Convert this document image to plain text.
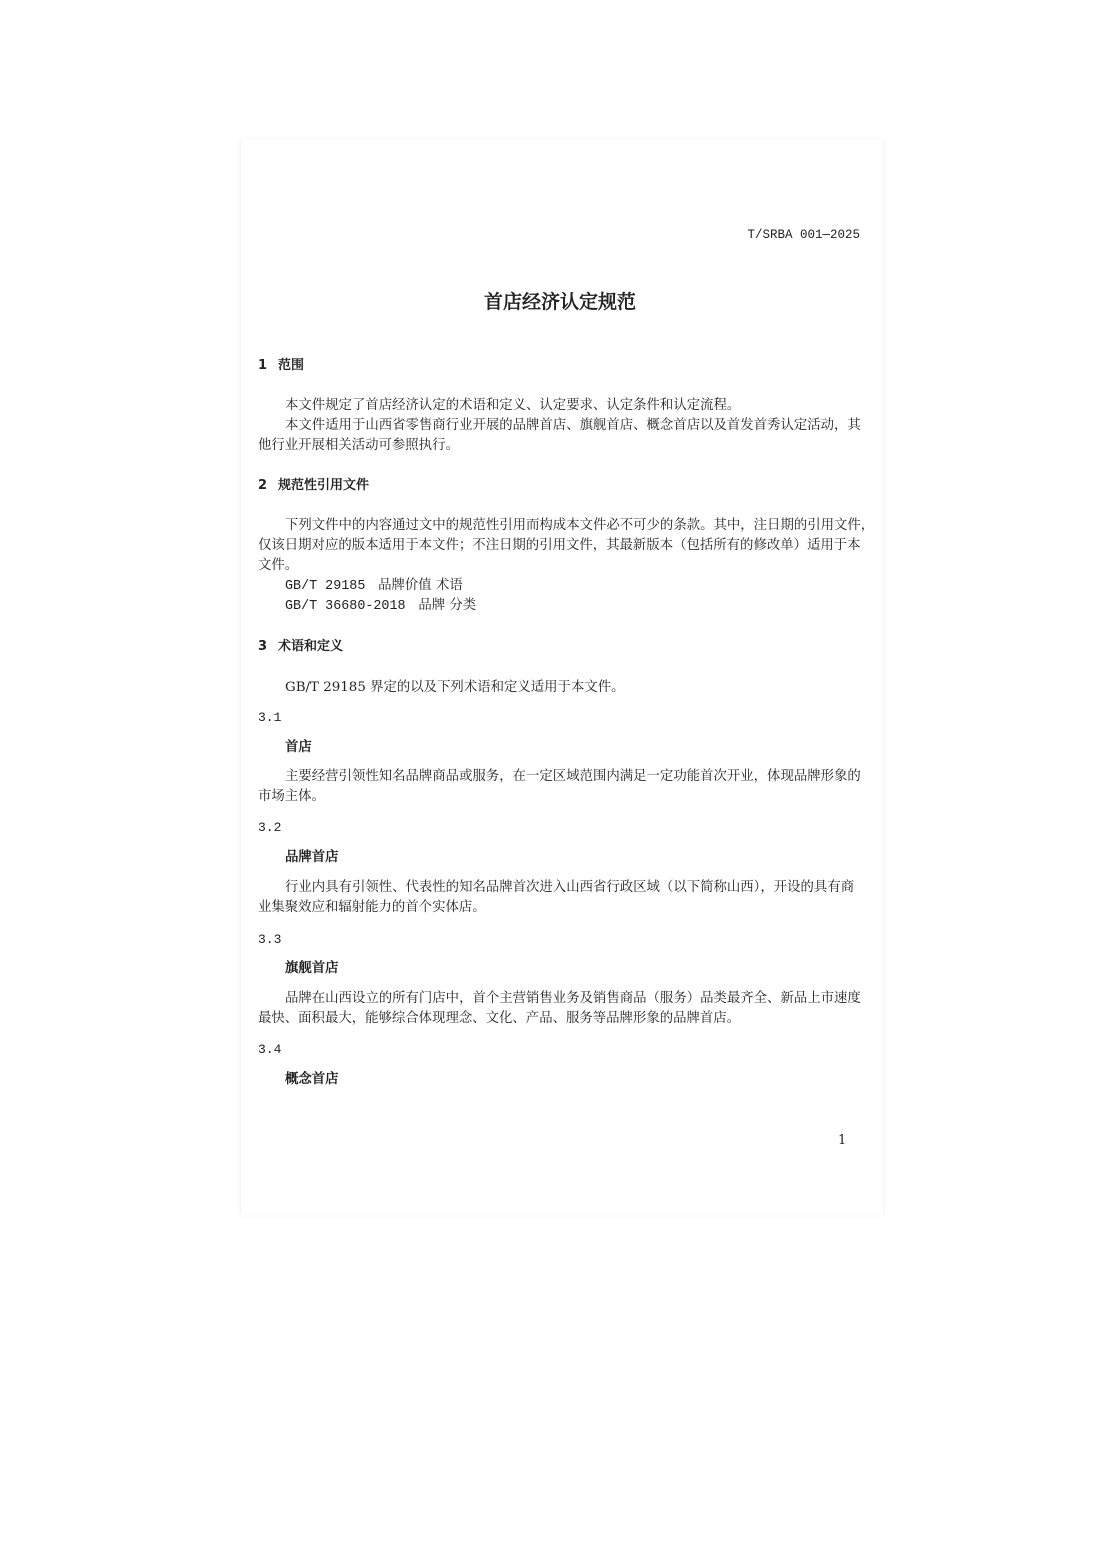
T/SRBA 001—2025
首店经济认定规范
1 范围
本文件规定了首店经济认定的术语和定义、认定要求、认定条件和认定流程。
本文件适用于山西省零售商行业开展的品牌首店、旗舰首店、概念首店以及首发首秀认定活动，其
他行业开展相关活动可参照执行。
2 规范性引用文件
下列文件中的内容通过文中的规范性引用而构成本文件必不可少的条款。其中，注日期的引用文件，
仅该日期对应的版本适用于本文件；不注日期的引用文件，其最新版本（包括所有的修改单）适用于本
文件。
GB/T 29185 品牌价值 术语
GB/T 36680-2018 品牌 分类
3 术语和定义
GB/T 29185 界定的以及下列术语和定义适用于本文件。
3.1
首店
主要经营引领性知名品牌商品或服务，在一定区域范围内满足一定功能首次开业，体现品牌形象的
市场主体。
3.2
品牌首店
行业内具有引领性、代表性的知名品牌首次进入山西省行政区域（以下简称山西），开设的具有商
业集聚效应和辐射能力的首个实体店。
3.3
旗舰首店
品牌在山西设立的所有门店中，首个主营销售业务及销售商品（服务）品类最齐全、新品上市速度
最快、面积最大，能够综合体现理念、文化、产品、服务等品牌形象的品牌首店。
3.4
概念首店
1
